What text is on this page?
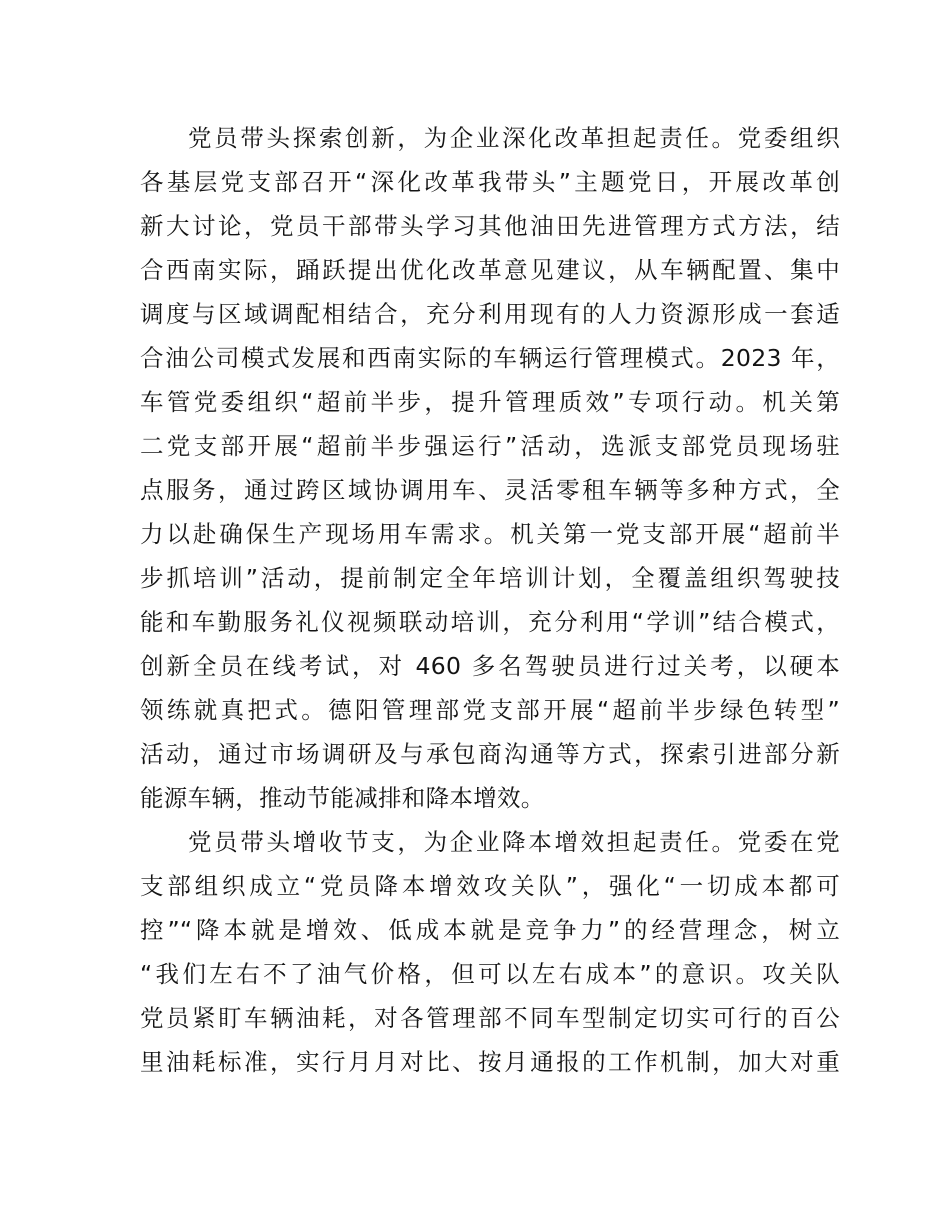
党员带头探索创新，为企业深化改革担起责任。党委组织
各基层党支部召开“深化改革我带头”主题党日，开展改革创
新大讨论，党员干部带头学习其他油田先进管理方式方法，结
合西南实际，踊跃提出优化改革意见建议，从车辆配置、集中
调度与区域调配相结合，充分利用现有的人力资源形成一套适
合油公司模式发展和西南实际的车辆运行管理模式。2023 年，
车管党委组织“超前半步，提升管理质效”专项行动。机关第
二党支部开展“超前半步强运行”活动，选派支部党员现场驻
点服务，通过跨区域协调用车、灵活零租车辆等多种方式，全
力以赴确保生产现场用车需求。机关第一党支部开展“超前半
步抓培训”活动，提前制定全年培训计划，全覆盖组织驾驶技
能和车勤服务礼仪视频联动培训，充分利用“学训”结合模式，
创新全员在线考试，对 460 多名驾驶员进行过关考，以硬本
领练就真把式。德阳管理部党支部开展“超前半步绿色转型”
活动，通过市场调研及与承包商沟通等方式，探索引进部分新
能源车辆，推动节能减排和降本增效。
党员带头增收节支，为企业降本增效担起责任。党委在党
支部组织成立“党员降本增效攻关队”，强化“一切成本都可
控”“降本就是增效、低成本就是竞争力”的经营理念，树立
“我们左右不了油气价格，但可以左右成本”的意识。攻关队
党员紧盯车辆油耗，对各管理部不同车型制定切实可行的百公
里油耗标准，实行月月对比、按月通报的工作机制，加大对重
